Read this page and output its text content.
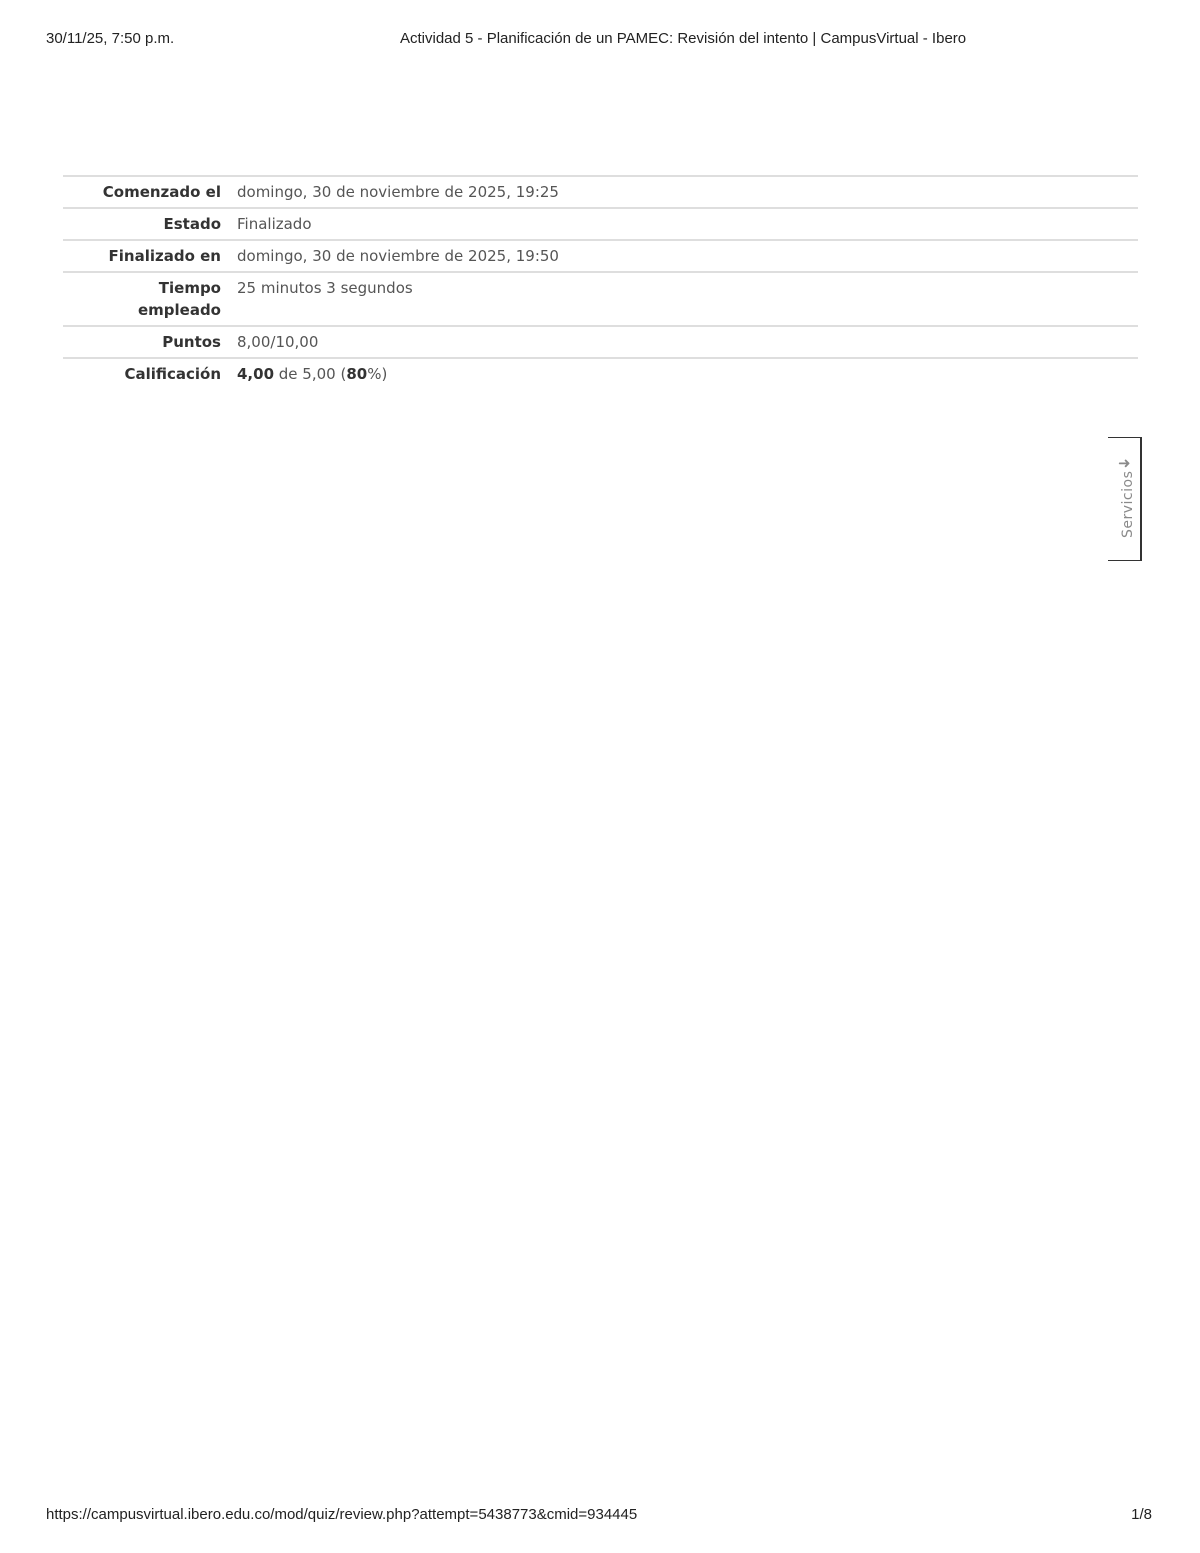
30/11/25, 7:50 p.m.	Actividad 5 - Planificación de un PAMEC: Revisión del intento | CampusVirtual - Ibero
Comenzado el	domingo, 30 de noviembre de 2025, 19:25
Estado	Finalizado
Finalizado en	domingo, 30 de noviembre de 2025, 19:50
Tiempo
empleado	25 minutos 3 segundos
Puntos	8,00/10,00
Calificación	4,00 de 5,00 (80%)
➜
Servicios
https://campusvirtual.ibero.edu.co/mod/quiz/review.php?attempt=5438773&cmid=934445	1/8
